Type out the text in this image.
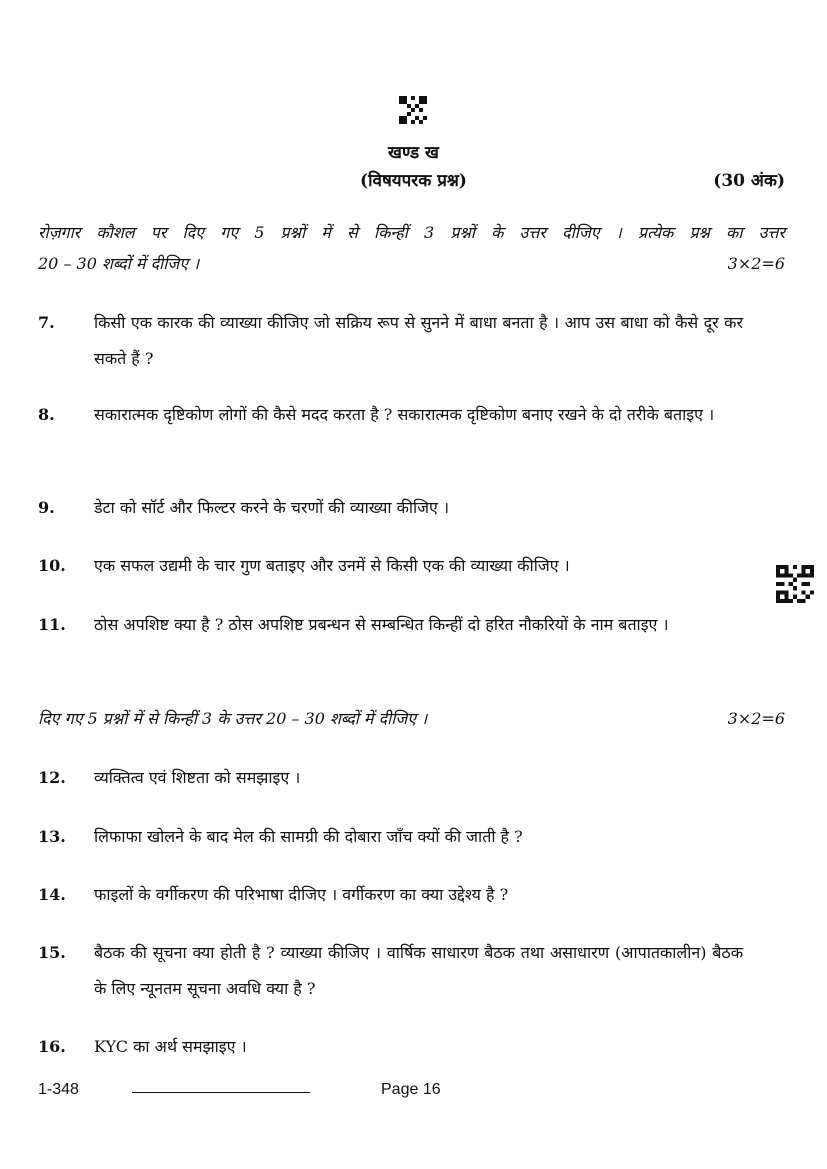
खण्ड ख
(विषयपरक प्रश्न)	(30 अंक)
रोज़गार कौशल पर दिए गए 5 प्रश्नों में से किन्हीं 3 प्रश्नों के उत्तर दीजिए । प्रत्येक प्रश्न का उत्तर
20 – 30 शब्दों में दीजिए ।	3×2=6
7. किसी एक कारक की व्याख्या कीजिए जो सक्रिय रूप से सुनने में बाधा बनता है । आप उस बाधा को कैसे दूर कर सकते हैं ?
8. सकारात्मक दृष्टिकोण लोगों की कैसे मदद करता है ? सकारात्मक दृष्टिकोण बनाए रखने के दो तरीके बताइए ।
9. डेटा को सॉर्ट और फिल्टर करने के चरणों की व्याख्या कीजिए ।
10. एक सफल उद्यमी के चार गुण बताइए और उनमें से किसी एक की व्याख्या कीजिए ।
11. ठोस अपशिष्ट क्या है ? ठोस अपशिष्ट प्रबन्धन से सम्बन्धित किन्हीं दो हरित नौकरियों के नाम बताइए ।
दिए गए 5 प्रश्नों में से किन्हीं 3 के उत्तर 20 – 30 शब्दों में दीजिए ।	3×2=6
12. व्यक्तित्व एवं शिष्टता को समझाइए ।
13. लिफाफा खोलने के बाद मेल की सामग्री की दोबारा जाँच क्यों की जाती है ?
14. फाइलों के वर्गीकरण की परिभाषा दीजिए । वर्गीकरण का क्या उद्देश्य है ?
15. बैठक की सूचना क्या होती है ? व्याख्या कीजिए । वार्षिक साधारण बैठक तथा असाधारण (आपातकालीन) बैठक के लिए न्यूनतम सूचना अवधि क्या है ?
16. KYC का अर्थ समझाइए ।
1-348	Page 16
